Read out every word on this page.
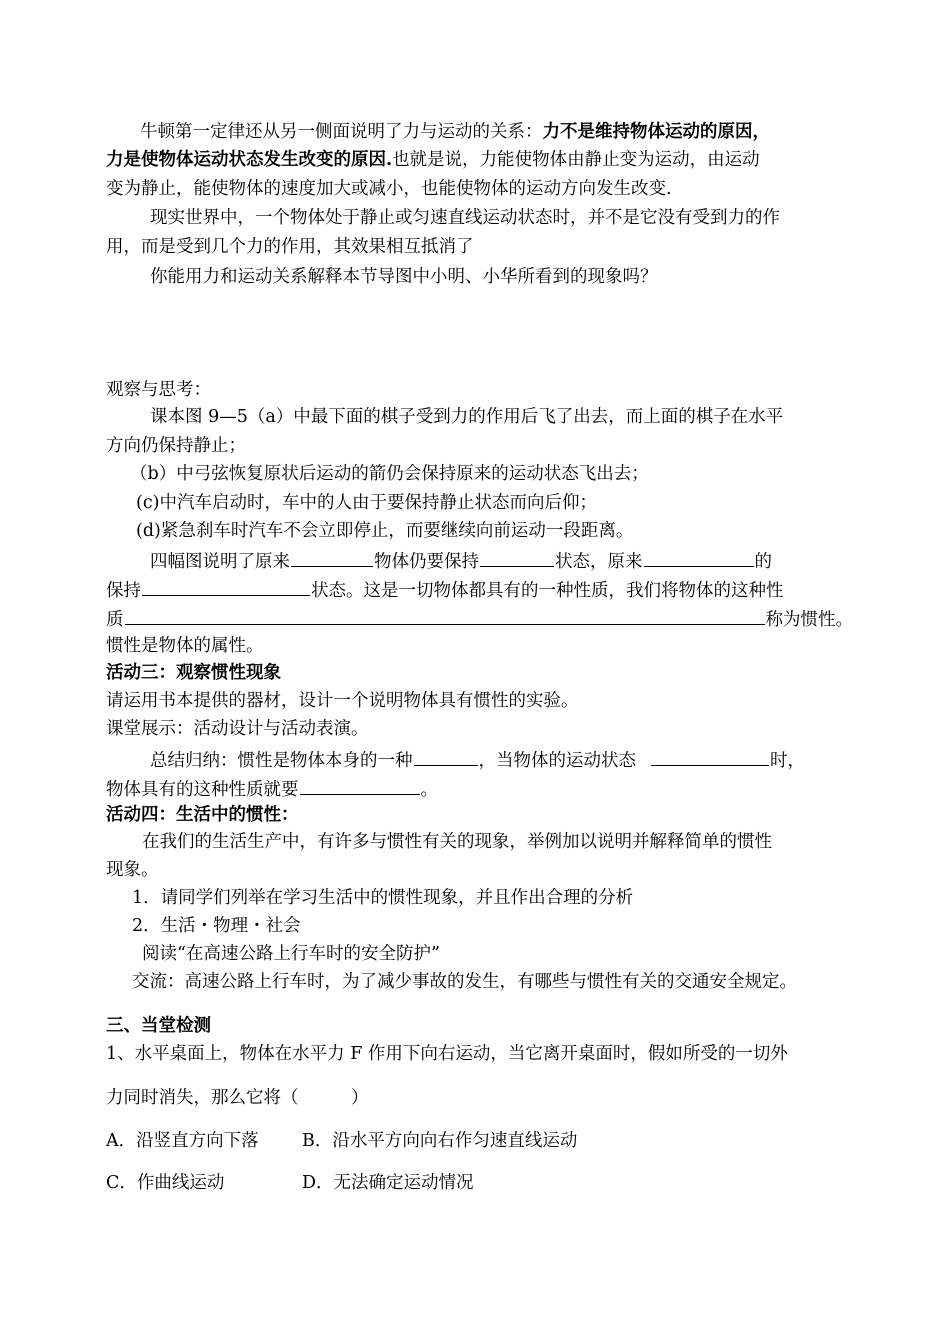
牛顿第一定律还从另一侧面说明了力与运动的关系：力不是维持物体运动的原因，
力是使物体运动状态发生改变的原因.也就是说，力能使物体由静止变为运动，由运动
变为静止，能使物体的速度加大或减小，也能使物体的运动方向发生改变.
现实世界中，一个物体处于静止或匀速直线运动状态时，并不是它没有受到力的作
用，而是受到几个力的作用，其效果相互抵消了
你能用力和运动关系解释本节导图中小明、小华所看到的现象吗？
观察与思考：
课本图 9—5（a）中最下面的棋子受到力的作用后飞了出去，而上面的棋子在水平
方向仍保持静止；
（b）中弓弦恢复原状后运动的箭仍会保持原来的运动状态飞出去；
(c)中汽车启动时，车中的人由于要保持静止状态而向后仰；
(d)紧急刹车时汽车不会立即停止，而要继续向前运动一段距离。
四幅图说明了原来	物体仍要保持	状态，原来	的
保持	状态。这是一切物体都具有的一种性质，我们将物体的这种性
质	称为惯性。
惯性是物体的属性。
活动三：观察惯性现象
请运用书本提供的器材，设计一个说明物体具有惯性的实验。
课堂展示：活动设计与活动表演。
总结归纳：惯性是物体本身的一种	，当物体的运动状态	时，
物体具有的这种性质就要	。
活动四：生活中的惯性：
在我们的生活生产中，有许多与惯性有关的现象，举例加以说明并解释简单的惯性
现象。
1．请同学们列举在学习生活中的惯性现象，并且作出合理的分析
2．生活・物理・社会
阅读“在高速公路上行车时的安全防护”
交流：高速公路上行车时，为了减少事故的发生，有哪些与惯性有关的交通安全规定。
三、当堂检测
1、水平桌面上，物体在水平力 F 作用下向右运动，当它离开桌面时，假如所受的一切外
力同时消失，那么它将（　　　）
A．沿竖直方向下落 B．沿水平方向向右作匀速直线运动
C．作曲线运动	D．无法确定运动情况
